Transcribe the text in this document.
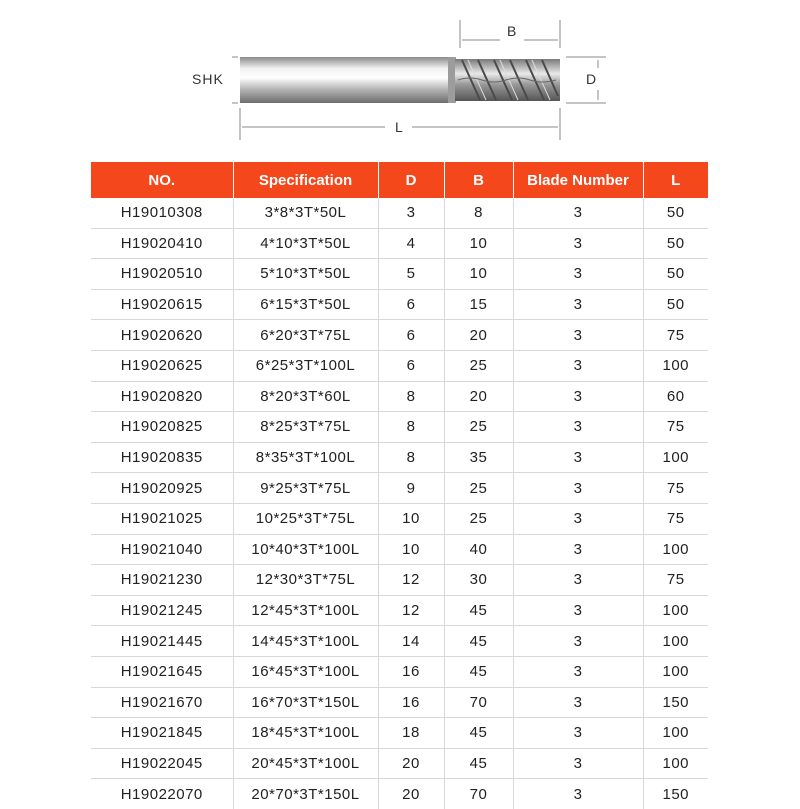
SHK
B
D
L
NO.	Specification	D	B	Blade Number	L
H19010308	3*8*3T*50L	3	8	3	50
H19020410	4*10*3T*50L	4	10	3	50
H19020510	5*10*3T*50L	5	10	3	50
H19020615	6*15*3T*50L	6	15	3	50
H19020620	6*20*3T*75L	6	20	3	75
H19020625	6*25*3T*100L	6	25	3	100
H19020820	8*20*3T*60L	8	20	3	60
H19020825	8*25*3T*75L	8	25	3	75
H19020835	8*35*3T*100L	8	35	3	100
H19020925	9*25*3T*75L	9	25	3	75
H19021025	10*25*3T*75L	10	25	3	75
H19021040	10*40*3T*100L	10	40	3	100
H19021230	12*30*3T*75L	12	30	3	75
H19021245	12*45*3T*100L	12	45	3	100
H19021445	14*45*3T*100L	14	45	3	100
H19021645	16*45*3T*100L	16	45	3	100
H19021670	16*70*3T*150L	16	70	3	150
H19021845	18*45*3T*100L	18	45	3	100
H19022045	20*45*3T*100L	20	45	3	100
H19022070	20*70*3T*150L	20	70	3	150
